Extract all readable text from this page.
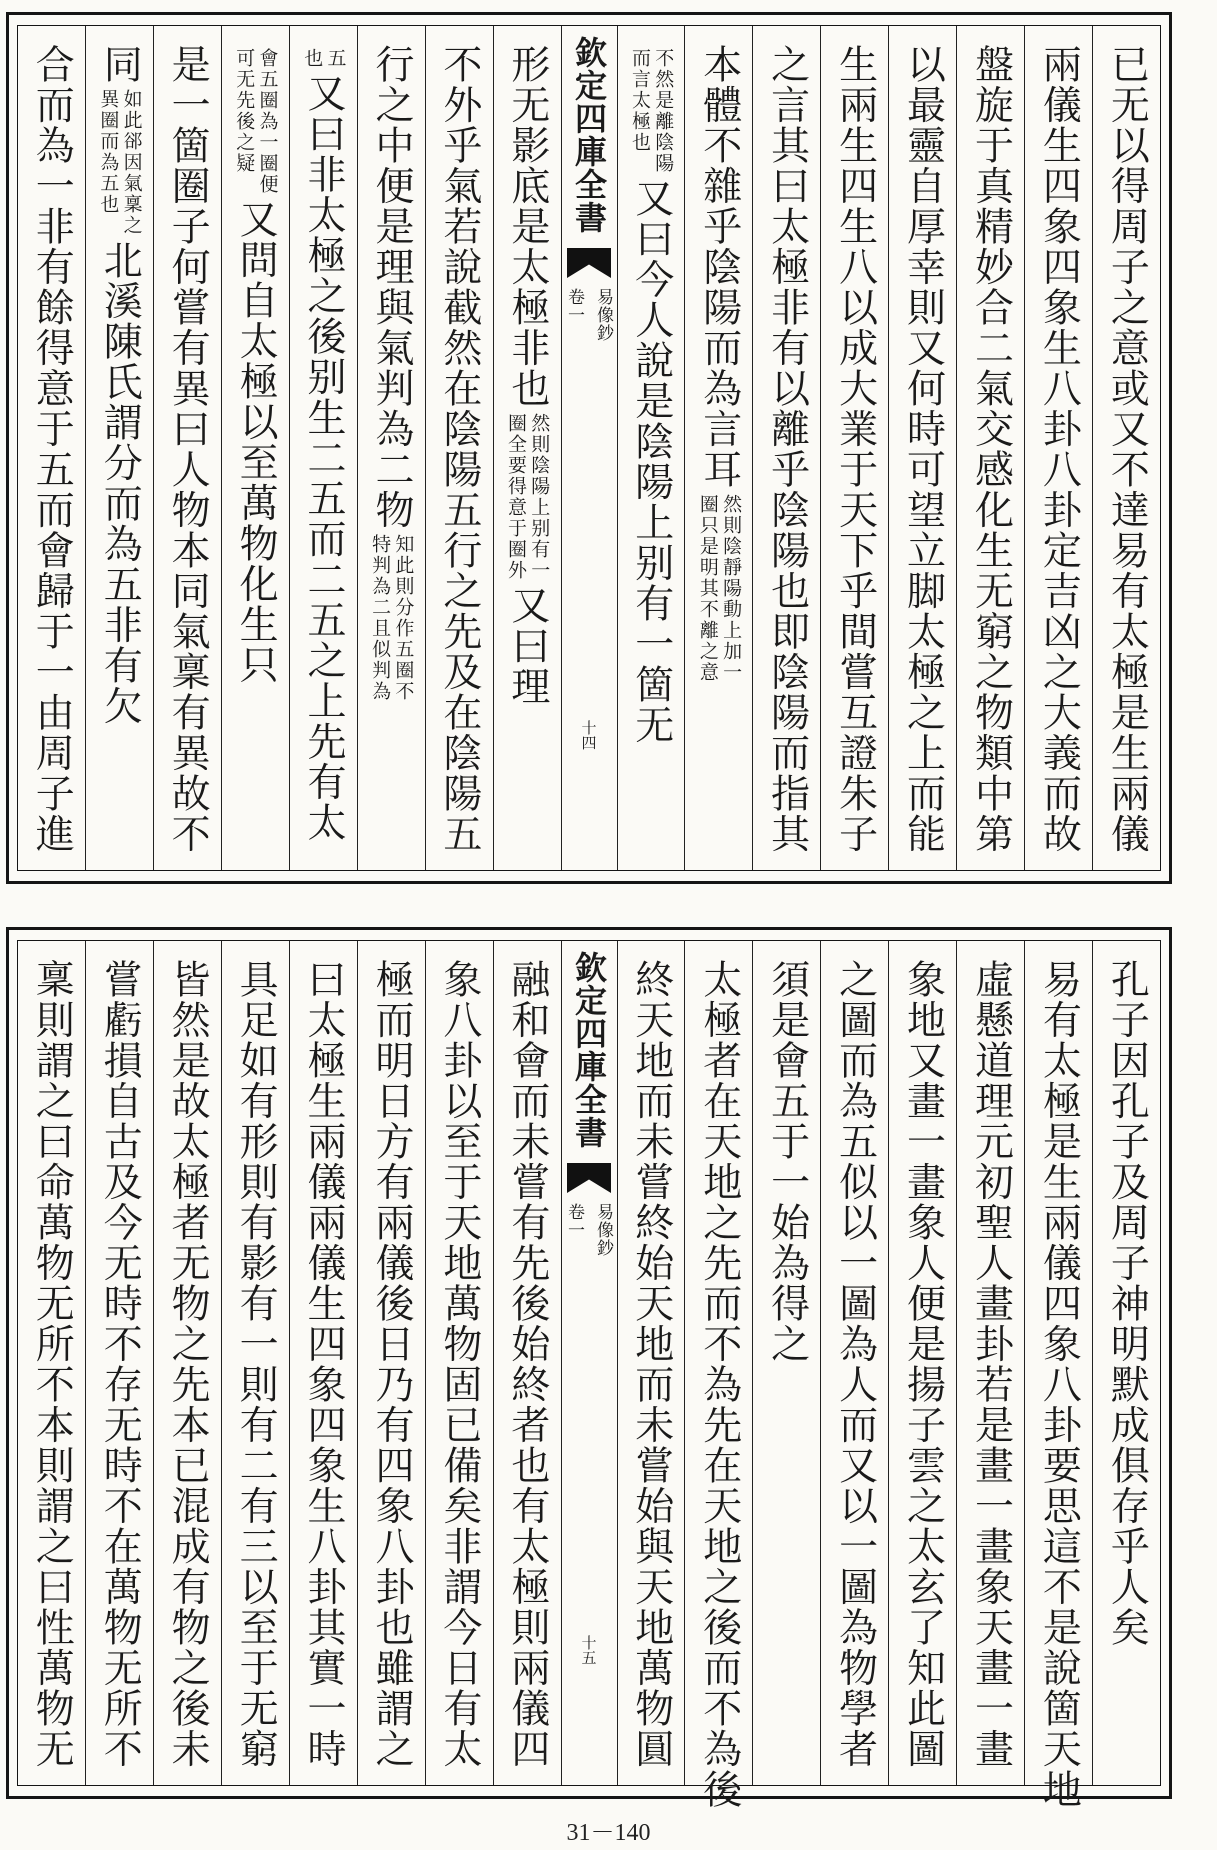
已无以得周子之意或又不達易有太極是生兩儀
兩儀生四象四象生八卦八卦定吉凶之大義而故
盤旋于真精妙合二氣交感化生无窮之物類中第
以最靈自厚幸則又何時可望立脚太極之上而能
生兩生四生八以成大業于天下乎間嘗互證朱子
之言其曰太極非有以離乎陰陽也即陰陽而指其
本體不雜乎陰陽而為言耳
然則陰靜陽動上加一
圈只是明其不離之意
不然是離陰陽
而言太極也
又曰今人說是陰陽上别有一箇无
欽定四庫全書
易像鈔
卷一
十四
形无影底是太極非也
然則陰陽上别有一
圈全要得意于圈外
又曰理
不外乎氣若說截然在陰陽五行之先及在陰陽五
行之中便是理與氣判為二物
知此則分作五圈不
特判為二且似判為
五
也
又曰非太極之後别生二五而二五之上先有太
會五圈為一圈便
可无先後之疑
又問自太極以至萬物化生只
是一箇圈子何嘗有異曰人物本同氣稟有異故不
同
如此郤因氣稟之
異圈而為五也
北溪陳氏謂分而為五非有欠
合而為一非有餘得意于五而會歸于一由周子進
孔子因孔子及周子神明默成俱存乎人矣
易有太極是生兩儀四象八卦要思這不是說箇天地
虛懸道理元初聖人畫卦若是畫一畫象天畫一畫
象地又畫一畫象人便是揚子雲之太玄了知此圖
之圖而為五似以一圖為人而又以一圖為物學者
須是會五于一始為得之
太極者在天地之先而不為先在天地之後而不為後
終天地而未嘗終始天地而未嘗始與天地萬物圓
欽定四庫全書
易像鈔
卷一
十五
融和會而未嘗有先後始終者也有太極則兩儀四
象八卦以至于天地萬物固已備矣非謂今日有太
極而明日方有兩儀後日乃有四象八卦也雖謂之
曰太極生兩儀兩儀生四象四象生八卦其實一時
具足如有形則有影有一則有二有三以至于无窮
皆然是故太極者无物之先本已混成有物之後未
嘗虧損自古及今无時不存无時不在萬物无所不
稟則謂之曰命萬物无所不本則謂之曰性萬物无
31－140
